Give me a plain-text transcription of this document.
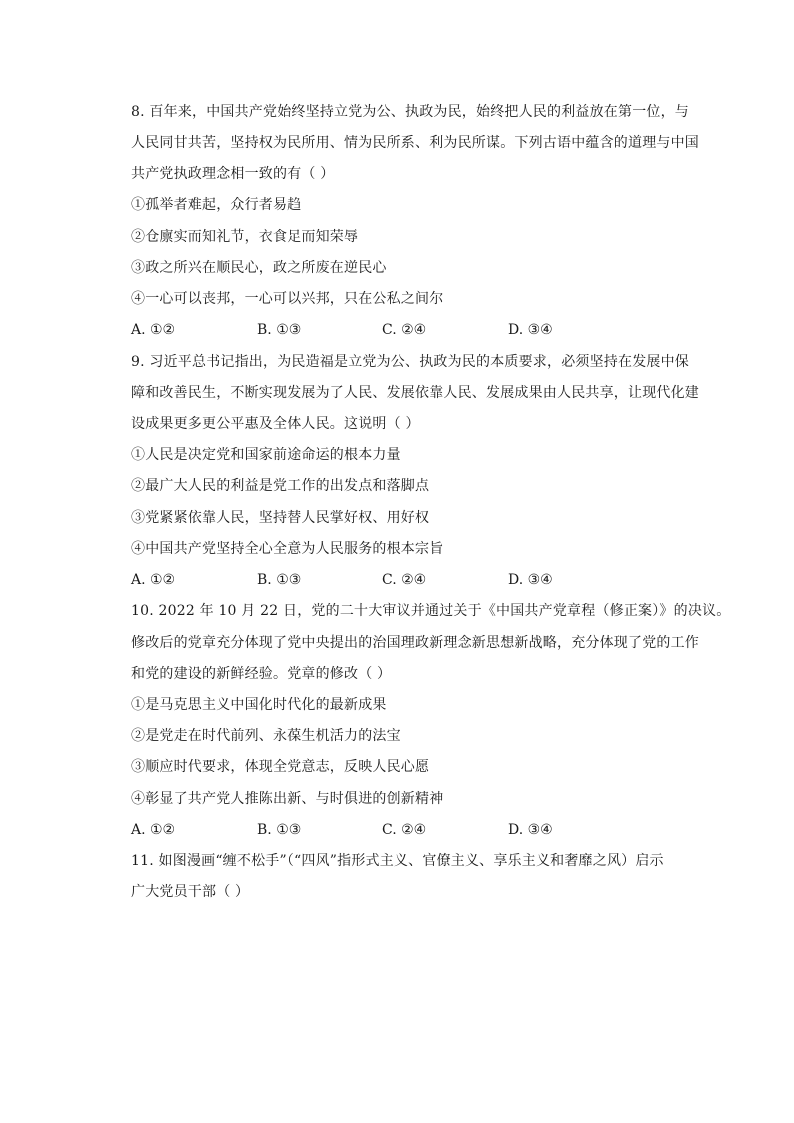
8. 百年来，中国共产党始终坚持立党为公、执政为民，始终把人民的利益放在第一位，与
人民同甘共苦，坚持权为民所用、情为民所系、利为民所谋。下列古语中蕴含的道理与中国
共产党执政理念相一致的有（ ）
①孤举者难起，众行者易趋
②仓廪实而知礼节，衣食足而知荣辱
③政之所兴在顺民心，政之所废在逆民心
④一心可以丧邦，一心可以兴邦，只在公私之间尔
A. ①②	B. ①③	C. ②④	D. ③④
9. 习近平总书记指出，为民造福是立党为公、执政为民的本质要求，必须坚持在发展中保
障和改善民生，不断实现发展为了人民、发展依靠人民、发展成果由人民共享，让现代化建
设成果更多更公平惠及全体人民。这说明（ ）
①人民是决定党和国家前途命运的根本力量
②最广大人民的利益是党工作的出发点和落脚点
③党紧紧依靠人民，坚持替人民掌好权、用好权
④中国共产党坚持全心全意为人民服务的根本宗旨
A. ①②	B. ①③	C. ②④	D. ③④
10. 2022 年 10 月 22 日，党的二十大审议并通过关于《中国共产党章程（修正案）》的决议。
修改后的党章充分体现了党中央提出的治国理政新理念新思想新战略，充分体现了党的工作
和党的建设的新鲜经验。党章的修改（ ）
①是马克思主义中国化时代化的最新成果
②是党走在时代前列、永葆生机活力的法宝
③顺应时代要求，体现全党意志，反映人民心愿
④彰显了共产党人推陈出新、与时俱进的创新精神
A. ①②	B. ①③	C. ②④	D. ③④
11. 如图漫画“缠不松手”（“四风”指形式主义、官僚主义、享乐主义和奢靡之风）启示
广大党员干部（ ）
